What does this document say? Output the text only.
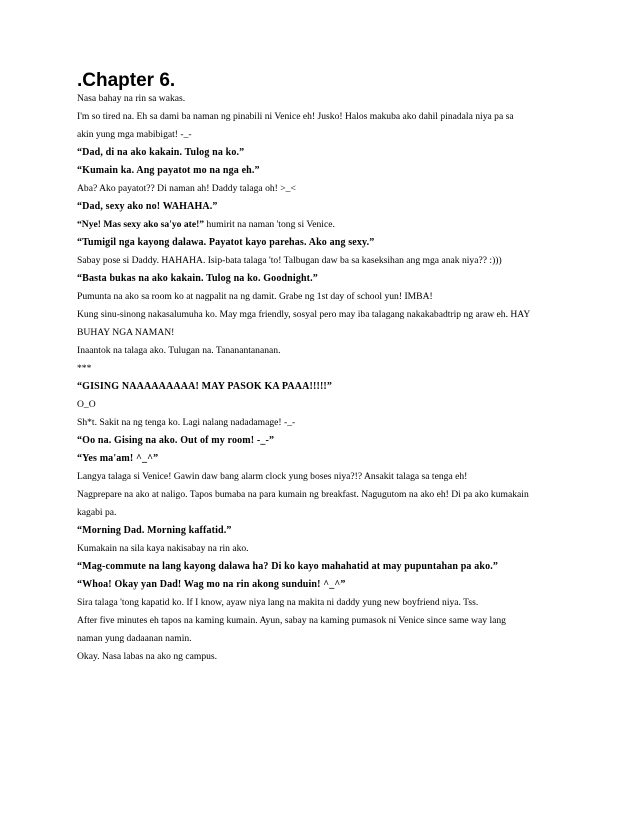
.Chapter 6.

Nasa bahay na rin sa wakas.

I'm so tired na. Eh sa dami ba naman ng pinabili ni Venice eh! Jusko! Halos makuba ako dahil pinadala niya pa sa

akin yung mga mabibigat! -_-

“Dad, di na ako kakain. Tulog na ko.”

“Kumain ka. Ang payatot mo na nga eh.”

Aba? Ako payatot?? Di naman ah! Daddy talaga oh! >_<

“Dad, sexy ako no! WAHAHA.”

“Nye! Mas sexy ako sa'yo ate!” humirit na naman 'tong si Venice.

“Tumigil nga kayong dalawa. Payatot kayo parehas. Ako ang sexy.”

Sabay pose si Daddy. HAHAHA. Isip-bata talaga 'to! Talbugan daw ba sa kaseksihan ang mga anak niya?? :)))

“Basta bukas na ako kakain. Tulog na ko. Goodnight.”

Pumunta na ako sa room ko at nagpalit na ng damit. Grabe ng 1st day of school yun! IMBA!

Kung sinu-sinong nakasalumuha ko. May mga friendly, sosyal pero may iba talagang nakakabadtrip ng araw eh. HAY

BUHAY NGA NAMAN!

Inaantok na talaga ako. Tulugan na. Tananantananan.

***

“GISING NAAAAAAAAA! MAY PASOK KA PAAA!!!!!”

O_O

Sh*t. Sakit na ng tenga ko. Lagi nalang nadadamage! -_-

“Oo na. Gising na ako. Out of my room! -_-”

“Yes ma'am! ^_^”

Langya talaga si Venice! Gawin daw bang alarm clock yung boses niya?!? Ansakit talaga sa tenga eh!

Nagprepare na ako at naligo. Tapos bumaba na para kumain ng breakfast. Nagugutom na ako eh! Di pa ako kumakain

kagabi pa.

“Morning Dad. Morning kaffatid.”

Kumakain na sila kaya nakisabay na rin ako.

“Mag-commute na lang kayong dalawa ha? Di ko kayo mahahatid at may pupuntahan pa ako.”

“Whoa! Okay yan Dad! Wag mo na rin akong sunduin! ^_^”

Sira talaga 'tong kapatid ko. If I know, ayaw niya lang na makita ni daddy yung new boyfriend niya. Tss.

After five minutes eh tapos na kaming kumain. Ayun, sabay na kaming pumasok ni Venice since same way lang

naman yung dadaanan namin.

Okay. Nasa labas na ako ng campus.
